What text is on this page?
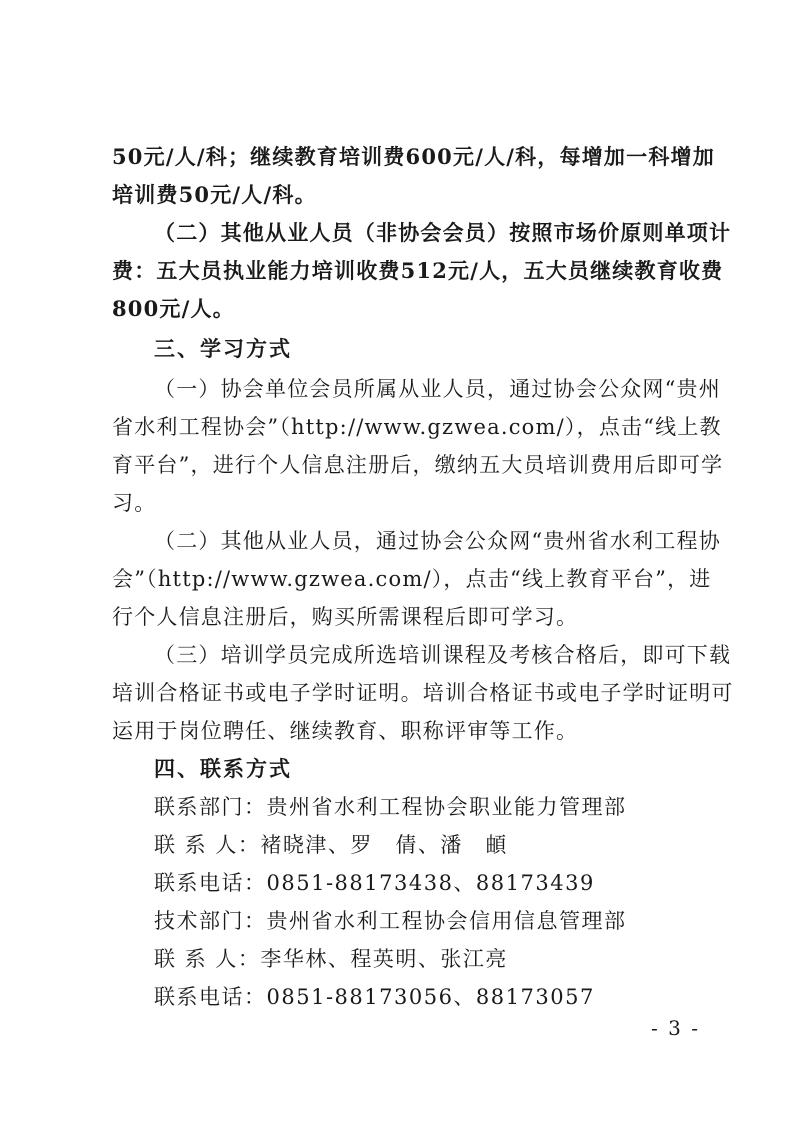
50元/人/科；继续教育培训费600元/人/科，每增加一科增加
培训费50元/人/科。
（二）其他从业人员（非协会会员）按照市场价原则单项计
费：五大员执业能力培训收费512元/人，五大员继续教育收费
800元/人。
三、学习方式
（一）协会单位会员所属从业人员，通过协会公众网“贵州
省水利工程协会”（http://www.gzwea.com/），点击“线上教
育平台”，进行个人信息注册后，缴纳五大员培训费用后即可学
习。
（二）其他从业人员，通过协会公众网“贵州省水利工程协
会”（http://www.gzwea.com/），点击“线上教育平台”，进
行个人信息注册后，购买所需课程后即可学习。
（三）培训学员完成所选培训课程及考核合格后，即可下载
培训合格证书或电子学时证明。培训合格证书或电子学时证明可
运用于岗位聘任、继续教育、职称评审等工作。
四、联系方式
联系部门：贵州省水利工程协会职业能力管理部
联 系 人：褚晓津、罗　倩、潘　頔
联系电话：0851-88173438、88173439
技术部门：贵州省水利工程协会信用信息管理部
联 系 人：李华林、程英明、张江亮
联系电话：0851-88173056、88173057
- 3 -
